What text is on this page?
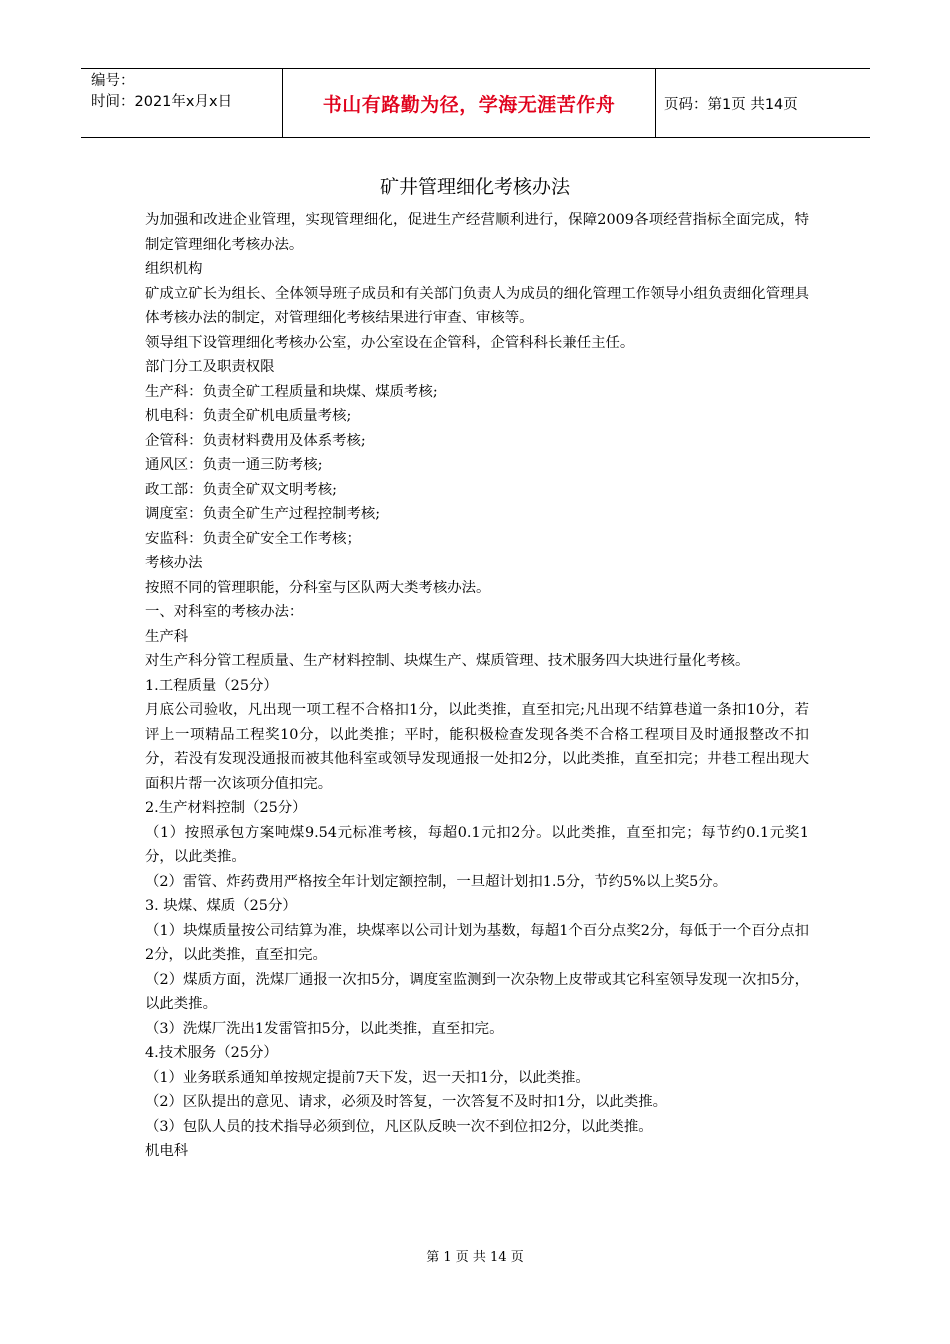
编号：
时间：2021年x月x日	书山有路勤为径，学海无涯苦作舟	页码：第1页 共14页
矿井管理细化考核办法

为加强和改进企业管理，实现管理细化，促进生产经营顺利进行，保障2009各项经营指标全面完成，特制定管理细化考核办法。

组织机构

矿成立矿长为组长、全体领导班子成员和有关部门负责人为成员的细化管理工作领导小组负责细化管理具体考核办法的制定，对管理细化考核结果进行审查、审核等。

领导组下设管理细化考核办公室，办公室设在企管科，企管科科长兼任主任。

部门分工及职责权限

生产科：负责全矿工程质量和块煤、煤质考核;

机电科：负责全矿机电质量考核;

企管科：负责材料费用及体系考核;

通风区：负责一通三防考核;

政工部：负责全矿双文明考核;

调度室：负责全矿生产过程控制考核;

安监科：负责全矿安全工作考核；

考核办法

按照不同的管理职能，分科室与区队两大类考核办法。

一、对科室的考核办法：

生产科

对生产科分管工程质量、生产材料控制、块煤生产、煤质管理、技术服务四大块进行量化考核。

1.工程质量（25分）

月底公司验收，凡出现一项工程不合格扣1分，以此类推，直至扣完;凡出现不结算巷道一条扣10分，若评上一项精品工程奖10分，以此类推；平时，能积极检查发现各类不合格工程项目及时通报整改不扣分，若没有发现没通报而被其他科室或领导发现通报一处扣2分，以此类推，直至扣完；井巷工程出现大面积片帮一次该项分值扣完。

2.生产材料控制（25分）

（1）按照承包方案吨煤9.54元标准考核，每超0.1元扣2分。以此类推，直至扣完；每节约0.1元奖1分，以此类推。

（2）雷管、炸药费用严格按全年计划定额控制，一旦超计划扣1.5分，节约5%以上奖5分。

3. 块煤、煤质（25分）

（1）块煤质量按公司结算为准，块煤率以公司计划为基数，每超1个百分点奖2分，每低于一个百分点扣2分，以此类推，直至扣完。

（2）煤质方面，洗煤厂通报一次扣5分，调度室监测到一次杂物上皮带或其它科室领导发现一次扣5分，以此类推。

（3）洗煤厂洗出1发雷管扣5分，以此类推，直至扣完。

4.技术服务（25分）

（1）业务联系通知单按规定提前7天下发，迟一天扣1分，以此类推。

（2）区队提出的意见、请求，必须及时答复，一次答复不及时扣1分，以此类推。

（3）包队人员的技术指导必须到位，凡区队反映一次不到位扣2分，以此类推。

机电科

第 1 页 共 14 页
